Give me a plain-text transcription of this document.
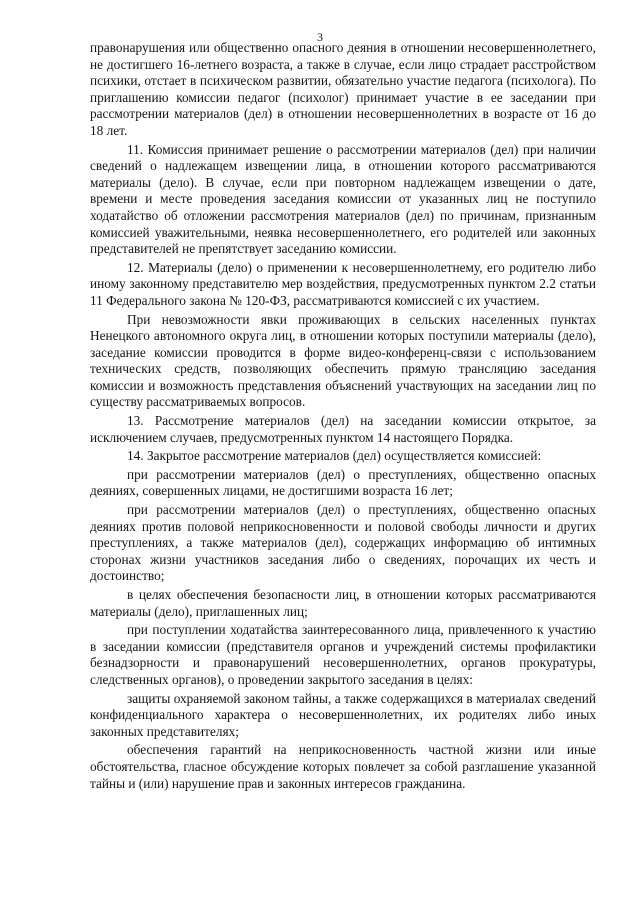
3

правонарушения или общественно опасного деяния в отношении несовершеннолетнего, не достигшего 16-летнего возраста, а также в случае, если лицо страдает расстройством психики, отстает в психическом развитии, обязательно участие педагога (психолога). По приглашению комиссии педагог (психолог) принимает участие в ее заседании при рассмотрении материалов (дел) в отношении несовершеннолетних в возрасте от 16 до 18 лет.

11. Комиссия принимает решение о рассмотрении материалов (дел) при наличии сведений о надлежащем извещении лица, в отношении которого рассматриваются материалы (дело). В случае, если при повторном надлежащем извещении о дате, времени и месте проведения заседания комиссии от указанных лиц не поступило ходатайство об отложении рассмотрения материалов (дел) по причинам, признанным комиссией уважительными, неявка несовершеннолетнего, его родителей или законных представителей не препятствует заседанию комиссии.

12. Материалы (дело) о применении к несовершеннолетнему, его родителю либо иному законному представителю мер воздействия, предусмотренных пунктом 2.2 статьи 11 Федерального закона № 120-ФЗ, рассматриваются комиссией с их участием.

При невозможности явки проживающих в сельских населенных пунктах Ненецкого автономного округа лиц, в отношении которых поступили материалы (дело), заседание комиссии проводится в форме видео-конференц-связи с использованием технических средств, позволяющих обеспечить прямую трансляцию заседания комиссии и возможность представления объяснений участвующих на заседании лиц по существу рассматриваемых вопросов.

13. Рассмотрение материалов (дел) на заседании комиссии открытое, за исключением случаев, предусмотренных пунктом 14 настоящего Порядка.

14. Закрытое рассмотрение материалов (дел) осуществляется комиссией:

при рассмотрении материалов (дел) о преступлениях, общественно опасных деяниях, совершенных лицами, не достигшими возраста 16 лет;

при рассмотрении материалов (дел) о преступлениях, общественно опасных деяниях против половой неприкосновенности и половой свободы личности и других преступлениях, а также материалов (дел), содержащих информацию об интимных сторонах жизни участников заседания либо о сведениях, порочащих их честь и достоинство;

в целях обеспечения безопасности лиц, в отношении которых рассматриваются материалы (дело), приглашенных лиц;

при поступлении ходатайства заинтересованного лица, привлеченного к участию в заседании комиссии (представителя органов и учреждений системы профилактики безнадзорности и правонарушений несовершеннолетних, органов прокуратуры, следственных органов), о проведении закрытого заседания в целях:

защиты охраняемой законом тайны, а также содержащихся в материалах сведений конфиденциального характера о несовершеннолетних, их родителях либо иных законных представителях;

обеспечения гарантий на неприкосновенность частной жизни или иные обстоятельства, гласное обсуждение которых повлечет за собой разглашение указанной тайны и (или) нарушение прав и законных интересов гражданина.
